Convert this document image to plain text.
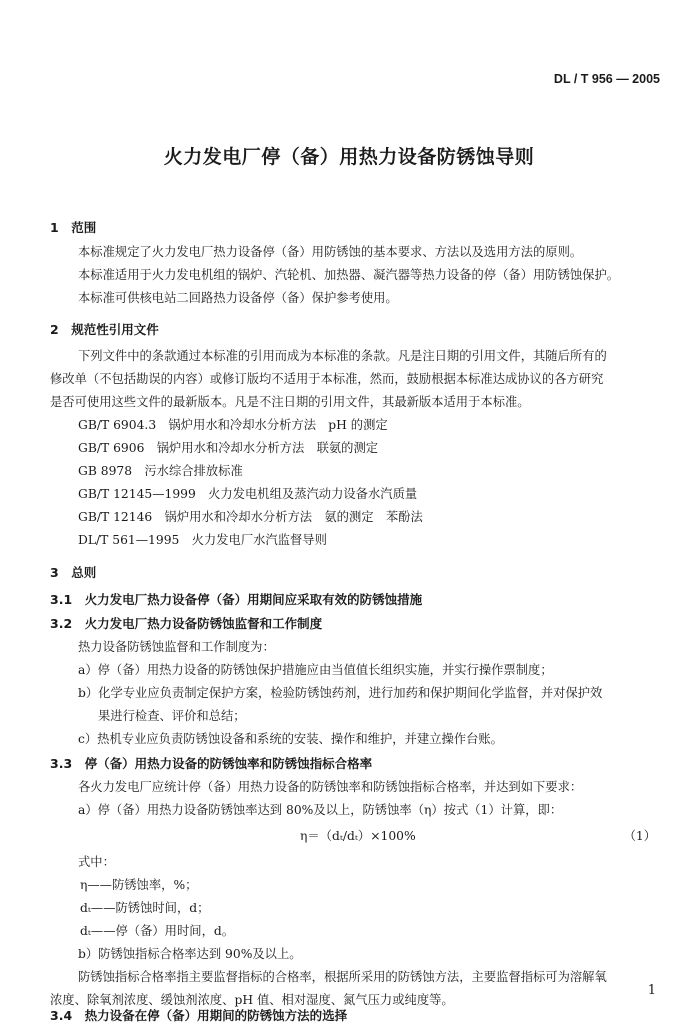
DL / T 956 — 2005
火力发电厂停（备）用热力设备防锈蚀导则
1　范围
本标准规定了火力发电厂热力设备停（备）用防锈蚀的基本要求、方法以及选用方法的原则。
本标准适用于火力发电机组的锅炉、汽轮机、加热器、凝汽器等热力设备的停（备）用防锈蚀保护。
本标准可供核电站二回路热力设备停（备）保护参考使用。
2　规范性引用文件
下列文件中的条款通过本标准的引用而成为本标准的条款。凡是注日期的引用文件，其随后所有的
修改单（不包括勘误的内容）或修订版均不适用于本标准，然而，鼓励根据本标准达成协议的各方研究
是否可使用这些文件的最新版本。凡是不注日期的引用文件，其最新版本适用于本标准。
GB/T 6904.3　锅炉用水和冷却水分析方法　pH 的测定
GB/T 6906　锅炉用水和冷却水分析方法　联氨的测定
GB 8978　污水综合排放标准
GB/T 12145—1999　火力发电机组及蒸汽动力设备水汽质量
GB/T 12146　锅炉用水和冷却水分析方法　氨的测定　苯酚法
DL/T 561—1995　火力发电厂水汽监督导则
3　总则
3.1　火力发电厂热力设备停（备）用期间应采取有效的防锈蚀措施
3.2　火力发电厂热力设备防锈蚀监督和工作制度
热力设备防锈蚀监督和工作制度为：
a）停（备）用热力设备的防锈蚀保护措施应由当值值长组织实施，并实行操作票制度；
b）化学专业应负责制定保护方案，检验防锈蚀药剂，进行加药和保护期间化学监督，并对保护效
果进行检查、评价和总结；
c）热机专业应负责防锈蚀设备和系统的安装、操作和维护，并建立操作台账。
3.3　停（备）用热力设备的防锈蚀率和防锈蚀指标合格率
各火力发电厂应统计停（备）用热力设备的防锈蚀率和防锈蚀指标合格率，并达到如下要求：
a）停（备）用热力设备防锈蚀率达到 80%及以上，防锈蚀率（η）按式（1）计算，即：
η＝（dₜ/dₜ）×100%	（1）
式中：
η——防锈蚀率，%；
dₜ——防锈蚀时间，d；
dₜ——停（备）用时间，d。
b）防锈蚀指标合格率达到 90%及以上。
防锈蚀指标合格率指主要监督指标的合格率，根据所采用的防锈蚀方法，主要监督指标可为溶解氧
浓度、除氧剂浓度、缓蚀剂浓度、pH 值、相对湿度、氮气压力或纯度等。
3.4　热力设备在停（备）用期间的防锈蚀方法的选择
1
